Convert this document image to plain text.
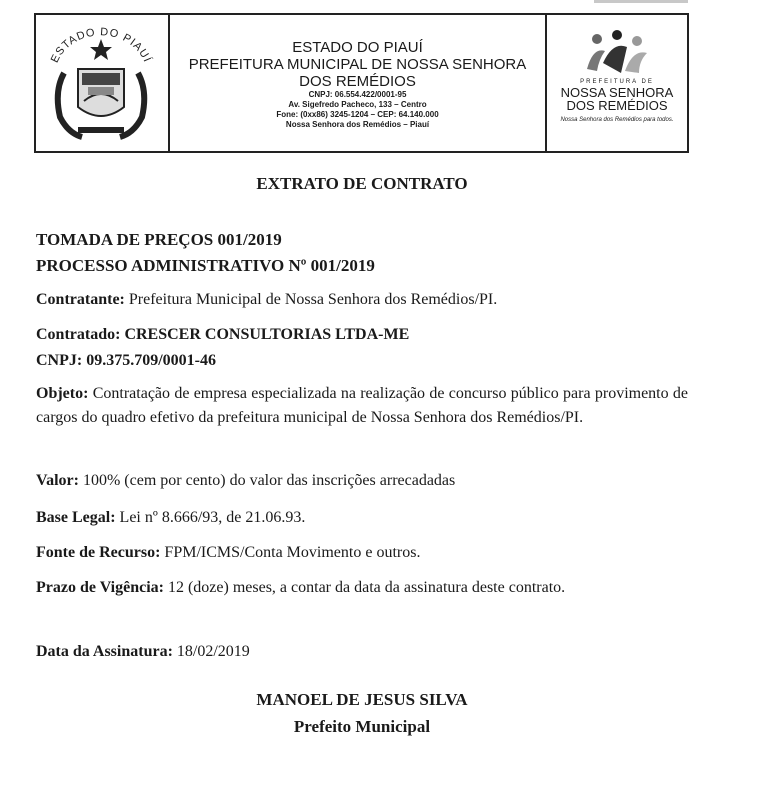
ESTADO DO PIAUÍ
ESTADO DO PIAUÍ
PREFEITURA MUNICIPAL DE NOSSA SENHORA DOS REMÉDIOS
CNPJ: 06.554.422/0001-95
Av. Sigefredo Pacheco, 133 – Centro
Fone: (0xx86) 3245-1204 – CEP: 64.140.000
Nossa Senhora dos Remédios – Piauí
PREFEITURA DE
NOSSA SENHORA
DOS REMÉDIOS
Nossa Senhora dos Remédios para todos.
EXTRATO DE CONTRATO
TOMADA DE PREÇOS 001/2019
PROCESSO ADMINISTRATIVO Nº 001/2019
Contratante: Prefeitura Municipal de Nossa Senhora dos Remédios/PI.
Contratado: CRESCER CONSULTORIAS LTDA-ME
CNPJ: 09.375.709/0001-46
Objeto: Contratação de empresa especializada na realização de concurso público para provimento de cargos do quadro efetivo da prefeitura municipal de Nossa Senhora dos Remédios/PI.
Valor: 100% (cem por cento) do valor das inscrições arrecadadas
Base Legal: Lei nº 8.666/93, de 21.06.93.
Fonte de Recurso: FPM/ICMS/Conta Movimento e outros.
Prazo de Vigência: 12 (doze) meses, a contar da data da assinatura deste contrato.
Data da Assinatura: 18/02/2019
MANOEL DE JESUS SILVA
Prefeito Municipal
